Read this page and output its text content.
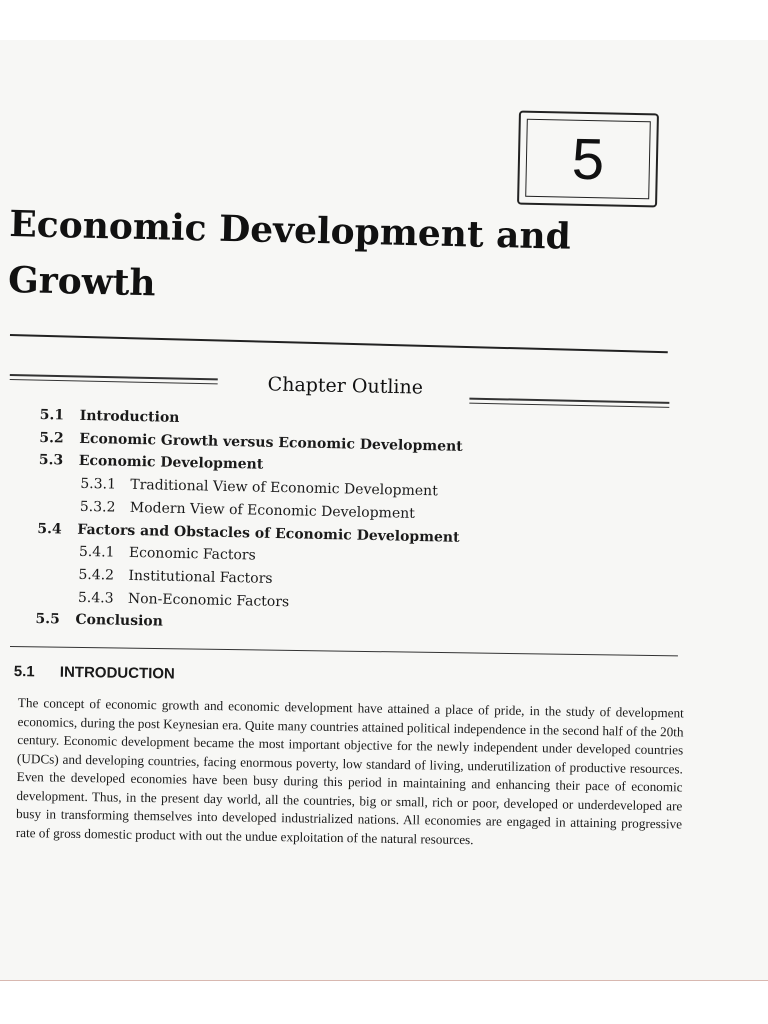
5
Economic Development and
Growth
Chapter Outline
5.1 Introduction
5.2 Economic Growth versus Economic Development
5.3 Economic Development
5.3.1 Traditional View of Economic Development
5.3.2 Modern View of Economic Development
5.4 Factors and Obstacles of Economic Development
5.4.1 Economic Factors
5.4.2 Institutional Factors
5.4.3 Non-Economic Factors
5.5 Conclusion
5.1 INTRODUCTION
The concept of economic growth and economic development have attained a place of pride, in the study of development economics, during the post Keynesian era. Quite many countries attained political independence in the second half of the 20th century. Economic development became the most important objective for the newly independent under developed countries (UDCs) and developing countries, facing enormous poverty, low standard of living, underutilization of productive resources. Even the developed economies have been busy during this period in maintaining and enhancing their pace of economic development. Thus, in the present day world, all the countries, big or small, rich or poor, developed or underdeveloped are busy in transforming themselves into developed industrialized nations. All economies are engaged in attaining progressive rate of gross domestic product with out the undue exploitation of the natural resources.
